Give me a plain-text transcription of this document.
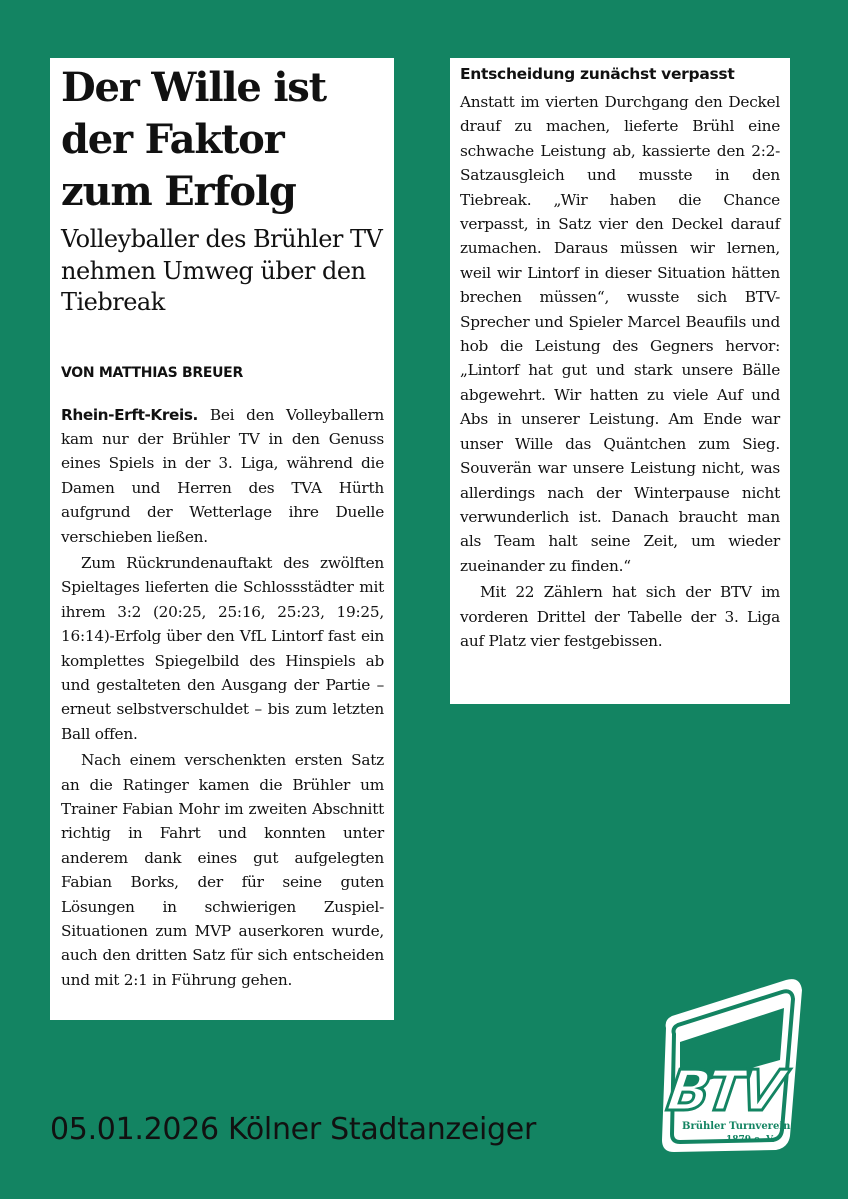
Der Wille ist der Faktor zum Erfolg
Volleyballer des Brühler TV nehmen Umweg über den Tiebreak
VON MATTHIAS BREUER

Rhein-Erft-Kreis. Bei den Volleyballern kam nur der Brühler TV in den Genuss eines Spiels in der 3. Liga, während die Damen und Herren des TVA Hürth aufgrund der Wetterlage ihre Duelle verschieben ließen.

Zum Rückrundenauftakt des zwölften Spieltages lieferten die Schlossstädter mit ihrem 3:2 (20:25, 25:16, 25:23, 19:25, 16:14)-Erfolg über den VfL Lintorf fast ein komplettes Spiegelbild des Hinspiels ab und gestalteten den Ausgang der Partie – erneut selbstverschuldet – bis zum letzten Ball offen.

Nach einem verschenkten ersten Satz an die Ratinger kamen die Brühler um Trainer Fabian Mohr im zweiten Abschnitt richtig in Fahrt und konnten unter anderem dank eines gut aufgelegten Fabian Borks, der für seine guten Lösungen in schwierigen Zuspiel-Situationen zum MVP auserkoren wurde, auch den dritten Satz für sich entscheiden und mit 2:1 in Führung gehen.

Entscheidung zunächst verpasst

Anstatt im vierten Durchgang den Deckel drauf zu machen, lieferte Brühl eine schwache Leistung ab, kassierte den 2:2-Satzausgleich und musste in den Tiebreak. „Wir haben die Chance verpasst, in Satz vier den Deckel darauf zumachen. Daraus müssen wir lernen, weil wir Lintorf in dieser Situation hätten brechen müssen“, wusste sich BTV-Sprecher und Spieler Marcel Beaufils und hob die Leistung des Gegners hervor: „Lintorf hat gut und stark unsere Bälle abgewehrt. Wir hatten zu viele Auf und Abs in unserer Leistung. Am Ende war unser Wille das Quäntchen zum Sieg. Souverän war unsere Leistung nicht, was allerdings nach der Winterpause nicht verwunderlich ist. Danach braucht man als Team halt seine Zeit, um wieder zueinander zu finden.“

Mit 22 Zählern hat sich der BTV im vorderen Drittel der Tabelle der 3. Liga auf Platz vier festgebissen.

05.01.2026 Kölner Stadtanzeiger
BTV
Brühler Turnverein
1879 e. V.
